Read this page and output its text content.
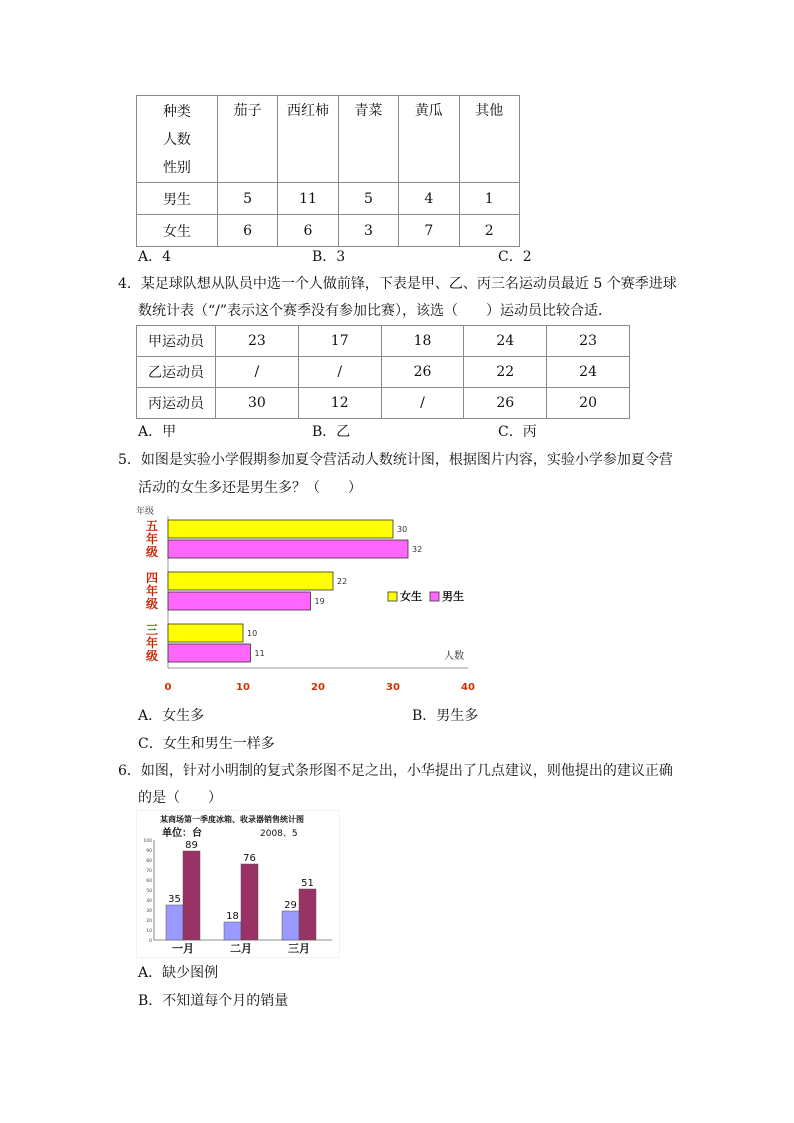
种类
人数
性别	茄子	西红柿	青菜	黄瓜	其他
男生	5	11	5	4	1
女生	6	6	3	7	2
A．4	B．3	C．2
4．某足球队想从队员中选一个人做前锋，下表是甲、乙、丙三名运动员最近 5 个赛季进球
数统计表（“/”表示这个赛季没有参加比赛），该选（　　）运动员比较合适．
甲运动员	23	17	18	24	23
乙运动员	/	/	26	22	24
丙运动员	30	12	/	26	20
A．甲	B．乙	C．丙
5．如图是实验小学假期参加夏令营活动人数统计图，根据图片内容，实验小学参加夏令营
活动的女生多还是男生多？（　　）
年级
0	10	20	30	40
人数
五
年
级
30
32
四
年
级
22
19
三
年
级
10
11
女生 男生
A．女生多	B．男生多
C．女生和男生一样多
6．如图，针对小明制的复式条形图不足之出，小华提出了几点建议，则他提出的建议正确
的是（　　）
某商场第一季度冰箱、收录器销售统计图
单位：台	2008、5
0
10
20
30
40
50
60
70
80
90
100
35
89
一月
18
76
二月
29
51
三月
A．缺少图例
B．不知道每个月的销量
